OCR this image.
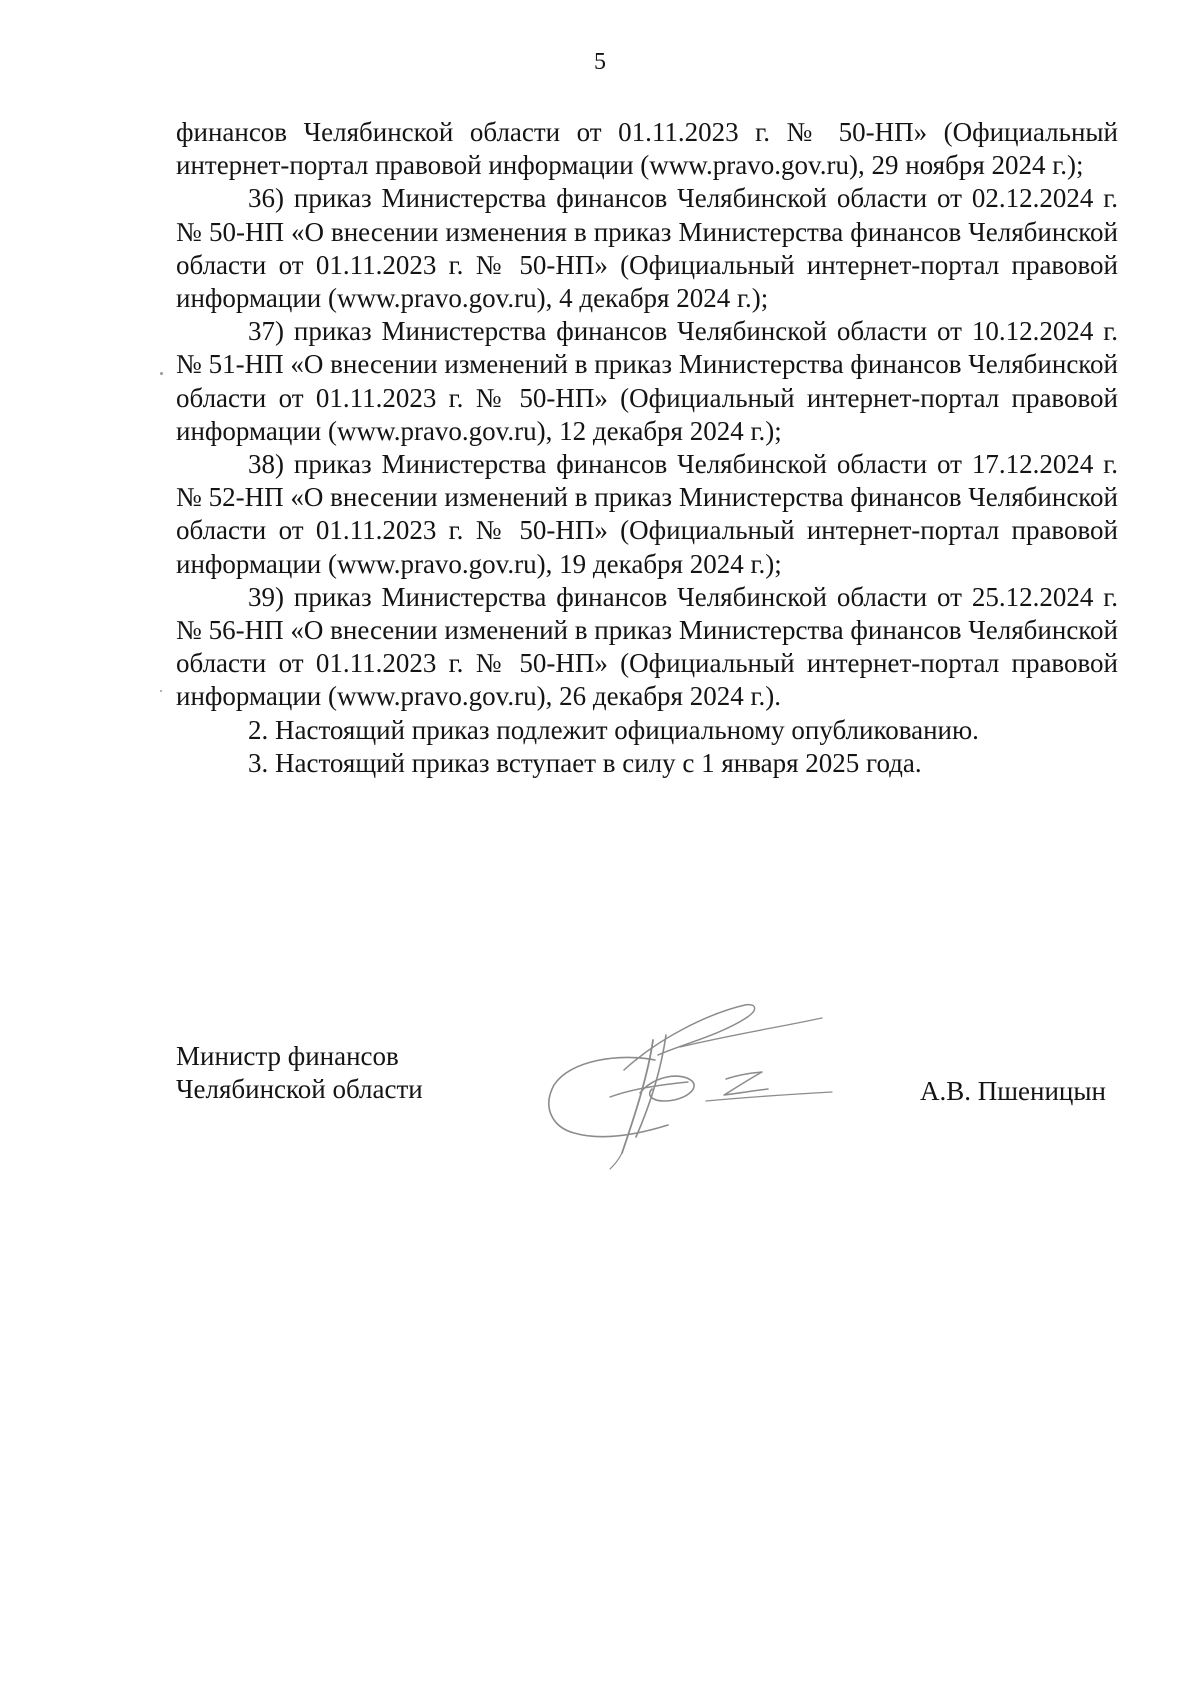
5

финансов Челябинской области от 01.11.2023 г. № 50-НП» (Официальный интернет-портал правовой информации (www.pravo.gov.ru), 29 ноября 2024 г.);

36) приказ Министерства финансов Челябинской области от 02.12.2024 г. № 50-НП «О внесении изменения в приказ Министерства финансов Челябинской области от 01.11.2023 г. № 50-НП» (Официальный интернет-портал правовой информации (www.pravo.gov.ru), 4 декабря 2024 г.);

37) приказ Министерства финансов Челябинской области от 10.12.2024 г. № 51-НП «О внесении изменений в приказ Министерства финансов Челябинской области от 01.11.2023 г. № 50-НП» (Официальный интернет-портал правовой информации (www.pravo.gov.ru), 12 декабря 2024 г.);

38) приказ Министерства финансов Челябинской области от 17.12.2024 г. № 52-НП «О внесении изменений в приказ Министерства финансов Челябинской области от 01.11.2023 г. № 50-НП» (Официальный интернет-портал правовой информации (www.pravo.gov.ru), 19 декабря 2024 г.);

39) приказ Министерства финансов Челябинской области от 25.12.2024 г. № 56-НП «О внесении изменений в приказ Министерства финансов Челябинской области от 01.11.2023 г. № 50-НП» (Официальный интернет-портал правовой информации (www.pravo.gov.ru), 26 декабря 2024 г.).

2. Настоящий приказ подлежит официальному опубликованию.

3. Настоящий приказ вступает в силу с 1 января 2025 года.

Министр финансов
Челябинской области	А.В. Пшеницын
